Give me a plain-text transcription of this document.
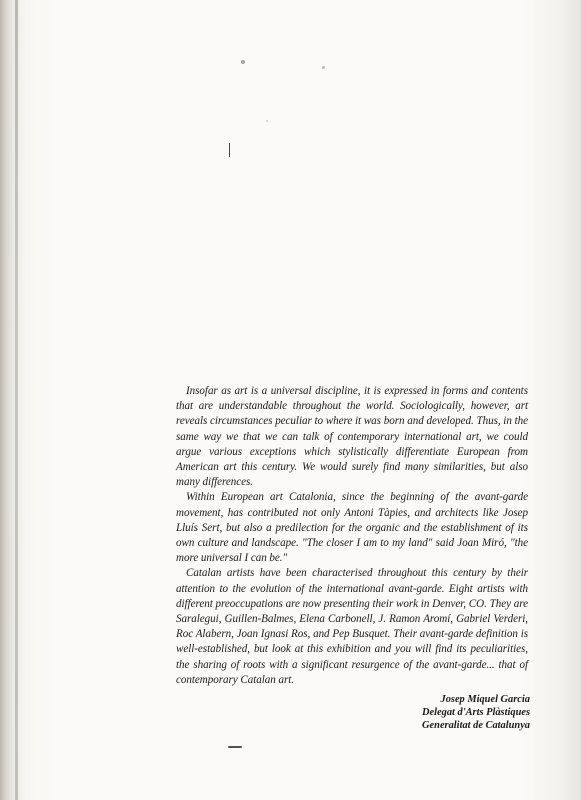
Insofar as art is a universal discipline, it is expressed in forms and contents that are understandable throughout the world. Sociologically, however, art reveals circumstances peculiar to where it was born and developed. Thus, in the same way we that we can talk of contemporary international art, we could argue various exceptions which stylistically differentiate European from American art this century. We would surely find many similarities, but also many differences.

Within European art Catalonia, since the beginning of the avant-garde movement, has contributed not only Antoni Tàpies, and architects like Josep Lluís Sert, but also a predilection for the organic and the establishment of its own culture and landscape. "The closer I am to my land" said Joan Miró, "the more universal I can be."

Catalan artists have been characterised throughout this century by their attention to the evolution of the international avant-garde. Eight artists with different preoccupations are now presenting their work in Denver, CO. They are Saralegui, Guillen-Balmes, Elena Carbonell, J. Ramon Aromí, Gabriel Verderi, Roc Alabern, Joan Ignasi Ros, and Pep Busquet. Their avant-garde definition is well-established, but look at this exhibition and you will find its peculiarities, the sharing of roots with a significant resurgence of the avant-garde... that of contemporary Catalan art.

Josep Miquel Garcia
Delegat d'Arts Plàstiques
Generalitat de Catalunya
